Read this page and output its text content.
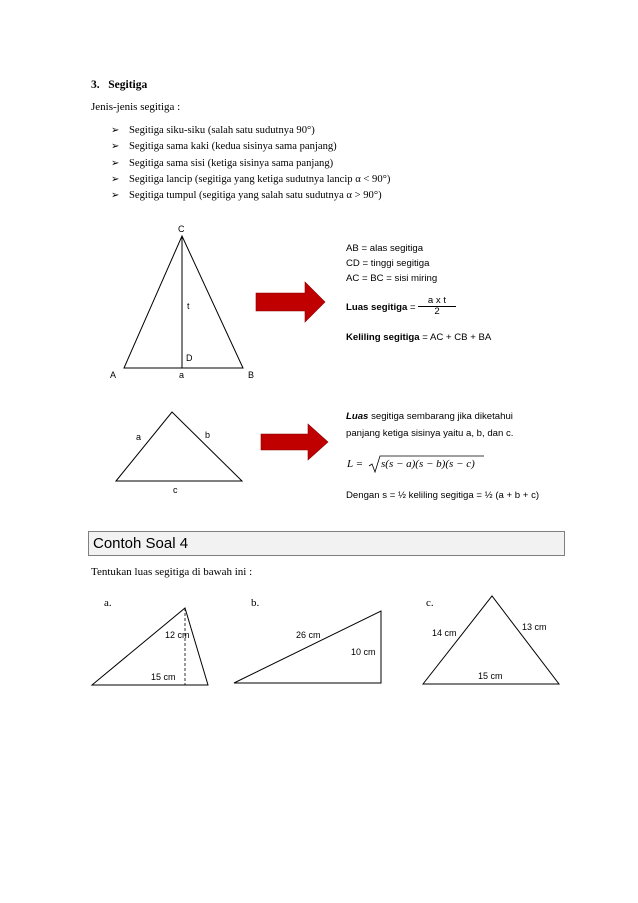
3. Segitiga
Jenis-jenis segitiga :
➢ Segitiga siku-siku (salah satu sudutnya 90°)
➢ Segitiga sama kaki (kedua sisinya sama panjang)
➢ Segitiga sama sisi (ketiga sisinya sama panjang)
➢ Segitiga lancip (segitiga yang ketiga sudutnya lancip α < 90°)
➢ Segitiga tumpul (segitiga yang salah satu sudutnya α > 90°)
C
t
D
A	a	B
AB = alas segitiga
CD = tinggi segitiga
AC = BC = sisi miring
Luas segitiga = $\frac{\text{a x t}}{2}$
Keliling segitiga = AC + CB + BA
a	b
c
Luas segitiga sembarang jika diketahui
panjang ketiga sisinya yaitu a, b, dan c.
L = s(s − a)(s − b)(s − c)
Dengan s = ½ keliling segitiga = ½ (a + b + c)
Contoh Soal 4
Tentukan luas segitiga di bawah ini :
a.	b.	c.
12 cm
15 cm
26 cm
10 cm
14 cm
13 cm
15 cm
